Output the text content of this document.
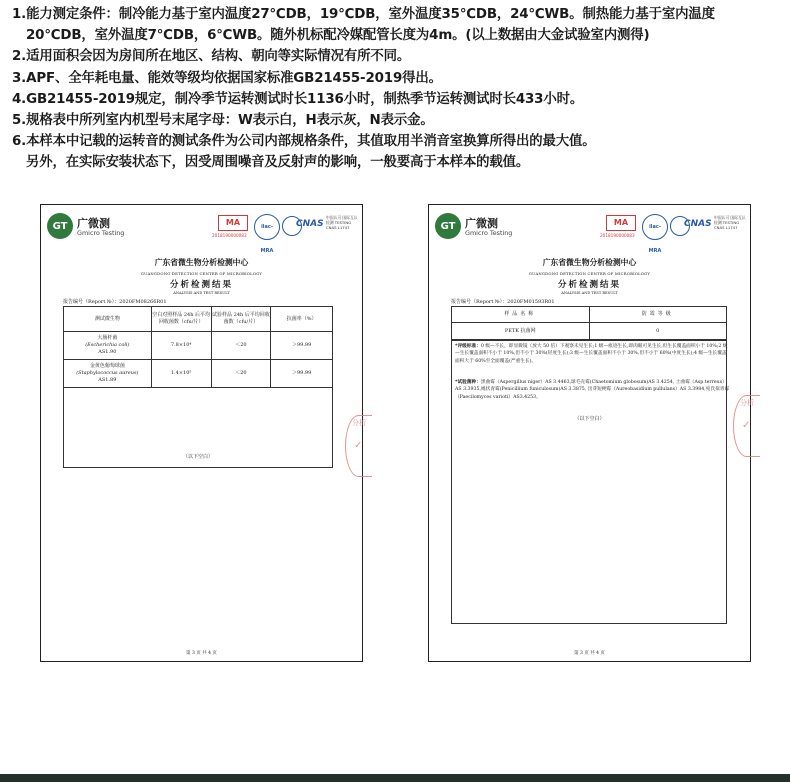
1.能力测定条件：制冷能力基于室内温度27℃DB，19℃DB，室外温度35℃DB，24℃WB。制热能力基于室内温度
20℃DB，室外温度7℃DB，6℃WB。随外机标配冷媒配管长度为4m。(以上数据由大金试验室内测得)
2.适用面积会因为房间所在地区、结构、朝向等实际情况有所不同。
3.APF、全年耗电量、能效等级均依据国家标准GB21455-2019得出。
4.GB21455-2019规定，制冷季节运转测试时长1136小时，制热季节运转测试时长433小时。
5.规格表中所列室内机型号末尾字母：W表示白，H表示灰，N表示金。
6.本样本中记载的运转音的测试条件为公司内部规格条件，其值取用半消音室换算所得出的最大值。
另外，在实际安装状态下，因受周围噪音及反射声的影响，一般要高于本样本的载值。
GT 广微测
Gmicro Testing
MA
2018190000083
ilac-MRA
CNAS
中国认可 国际互认 检测 TESTING CNAS L1747
广东省微生物分析检测中心
GUANGDONG DETECTION CENTER OF MICROBIOLOGY
分析检测结果
ANALYSIS AND TEST RESULT
报告编号（Report №）：2020FM08266R01
测试微生物	空白对照样品 24h 后平均回收菌数（cfu/片）	试验样品 24h 后平均回收菌数（cfu/片）	抗菌率（%）

大肠杆菌
(Escherichia coli)
AS1.90	7.8×10⁴	＜20	＞99.99

金黄色葡萄球菌
(Staphylococcus aureus)
AS1.89	1.4×10⁵	＜20	＞99.99
（以下空白）			
分析
✓
第 3 页 共 4 页
GT 广微测
Gmicro Testing
MA
2018190000083
ilac-MRA
CNAS
中国认可 国际互认 检测 TESTING CNAS L1747
广东省微生物分析检测中心
GUANGDONG DETECTION CENTER OF MICROBIOLOGY
分析检测结果
ANALYSIS AND TEST RESULT
报告编号（Report №）：2020FM01593R01
样品名称	防霉等级
PETK 抗菌网	0
*评级标准：0 级—不长，即显微镜（放大 50 倍）下观察未见生长;1 级—痕迹生长,即肉眼可见生长,但生长覆盖面积小于 10%;2 级—生长覆盖面积不小于 10%,但不小于 30%(轻度生长);3 级—生长覆盖面积不小于 30%,但不小于 60%(中度生长);4 级—生长覆盖面积大于 60%至全面覆盖(严重生长)。
*试验菌种：黑曲霉（Aspergillus niger）AS 3.4463,球毛壳霉(Chaetomium globosum)AS 3.4254, 土曲霉（Asp.terreus）AS 3.3935,绳状青霉(Penicillium funiculosum)AS 3.3875, 出芽短梗霉（Aureobasidium pullulans）AS 3.3984,宛氏拟青霉（Paecilomyces varioti）AS3.4253。
（以下空白）
分析
✓
第 3 页 共 4 页
